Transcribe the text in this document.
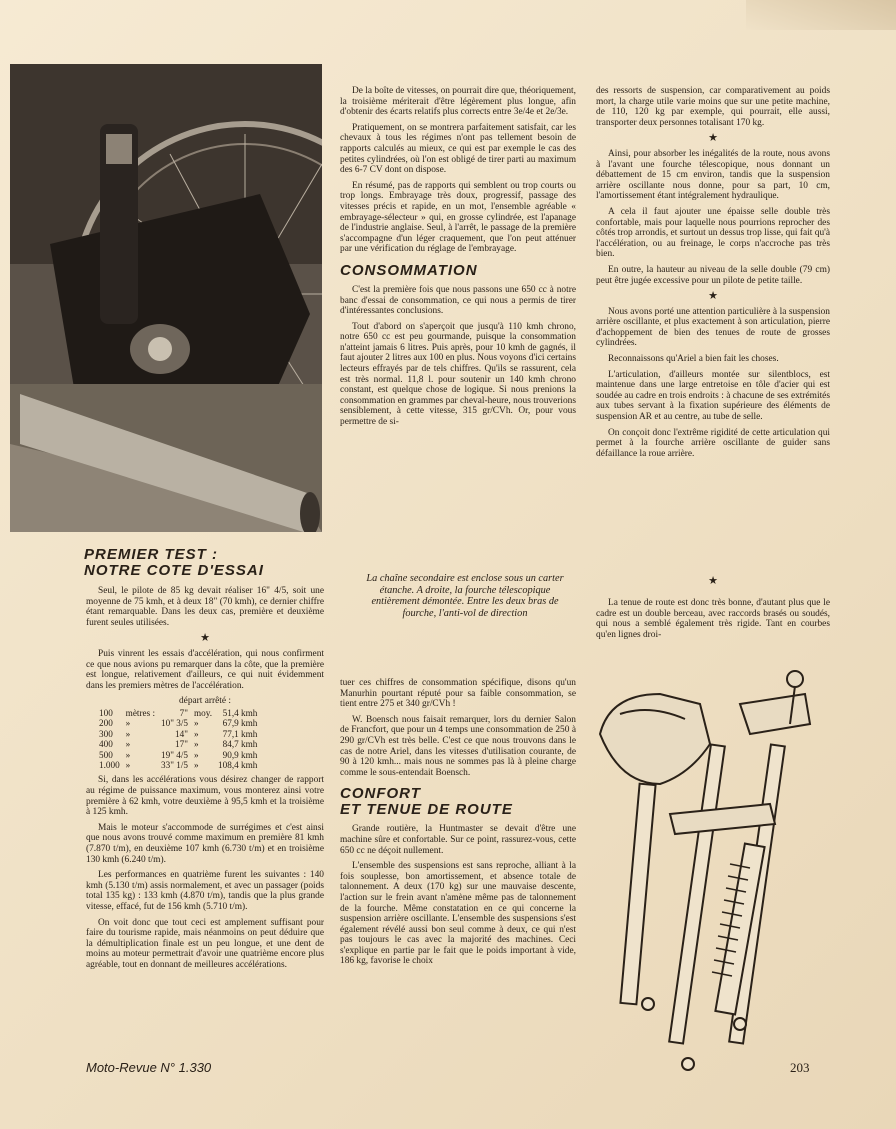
PREMIER TEST :
NOTRE COTE D'ESSAI

Seul, le pilote de 85 kg devait réaliser 16" 4/5, soit une moyenne de 75 kmh, et à deux 18" (70 kmh), ce dernier chiffre étant remarquable. Dans les deux cas, première et deuxième furent seules utilisées.

★

Puis vinrent les essais d'accélération, qui nous confirment ce que nous avions pu remarquer dans la côte, que la première est longue, relativement d'ailleurs, ce qui nuit évidemment dans les premiers mètres de l'accélération.

départ arrêté :

100	mètres :	7"	moy.	51,4 kmh
200	»	10" 3/5	»	67,9 kmh
300	»	14"	»	77,1 kmh
400	»	17"	»	84,7 kmh
500	»	19" 4/5	»	90,9 kmh
1.000	»	33" 1/5	»	108,4 kmh

Si, dans les accélérations vous désirez changer de rapport au régime de puissance maximum, vous monterez ainsi votre première à 62 kmh, votre deuxième à 95,5 kmh et la troisième à 125 kmh.

Mais le moteur s'accommode de surrégimes et c'est ainsi que nous avons trouvé comme maximum en première 81 kmh (7.870 t/m), en deuxième 107 kmh (6.730 t/m) et en troisième 130 kmh (6.240 t/m).

Les performances en quatrième furent les suivantes : 140 kmh (5.130 t/m) assis normalement, et avec un passager (poids total 135 kg) : 133 kmh (4.870 t/m), tandis que la plus grande vitesse, effacé, fut de 156 kmh (5.710 t/m).

On voit donc que tout ceci est amplement suffisant pour faire du tourisme rapide, mais néanmoins on peut déduire que la démultiplication finale est un peu longue, et une dent de moins au moteur permettrait d'avoir une quatrième encore plus agréable, tout en donnant de meilleures accélérations.

De la boîte de vitesses, on pourrait dire que, théoriquement, la troisième mériterait d'être légèrement plus longue, afin d'obtenir des écarts relatifs plus corrects entre 3e/4e et 2e/3e.

Pratiquement, on se montrera parfaitement satisfait, car les chevaux à tous les régimes n'ont pas tellement besoin de rapports calculés au mieux, ce qui est par exemple le cas des petites cylindrées, où l'on est obligé de tirer parti au maximum des 6-7 CV dont on dispose.

En résumé, pas de rapports qui semblent ou trop courts ou trop longs. Embrayage très doux, progressif, passage des vitesses précis et rapide, en un mot, l'ensemble agréable « embrayage-sélecteur » qui, en grosse cylindrée, est l'apanage de l'industrie anglaise. Seul, à l'arrêt, le passage de la première s'accompagne d'un léger craquement, que l'on peut atténuer par une vérification du réglage de l'embrayage.

CONSOMMATION

C'est la première fois que nous passons une 650 cc à notre banc d'essai de consommation, ce qui nous a permis de tirer d'intéressantes conclusions.

Tout d'abord on s'aperçoit que jusqu'à 110 kmh chrono, notre 650 cc est peu gourmande, puisque la consommation n'atteint jamais 6 litres. Puis après, pour 10 kmh de gagnés, il faut ajouter 2 litres aux 100 en plus. Nous voyons d'ici certains lecteurs effrayés par de tels chiffres. Qu'ils se rassurent, cela est très normal. 11,8 l. pour soutenir un 140 kmh chrono constant, est quelque chose de logique. Si nous prenions la consommation en grammes par cheval-heure, nous trouverions sensiblement, à cette vitesse, 315 gr/CVh. Or, pour vous permettre de si-

La chaîne secondaire est enclose sous un carter étanche. A droite, la fourche télescopique entièrement démontée. Entre les deux bras de fourche, l'anti-vol de direction

tuer ces chiffres de consommation spécifique, disons qu'un Manurhin pourtant réputé pour sa faible consommation, se tient entre 275 et 340 gr/CVh !

W. Boensch nous faisait remarquer, lors du dernier Salon de Francfort, que pour un 4 temps une consommation de 250 à 290 gr/CVh est très belle. C'est ce que nous trouvons dans le cas de notre Ariel, dans les vitesses d'utilisation courante, de 90 à 120 kmh... mais nous ne sommes pas là à pleine charge comme le sous-entendait Boensch.

CONFORT

ET TENUE DE ROUTE

Grande routière, la Huntmaster se devait d'être une machine sûre et confortable. Sur ce point, rassurez-vous, cette 650 cc ne déçoit nullement.

L'ensemble des suspensions est sans reproche, alliant à la fois souplesse, bon amortissement, et absence totale de talonnement. A deux (170 kg) sur une mauvaise descente, l'action sur le frein avant n'amène même pas de talonnement de la fourche. Même constatation en ce qui concerne la suspension arrière oscillante. L'ensemble des suspensions s'est également révélé aussi bon seul comme à deux, ce qui n'est pas toujours le cas avec la majorité des machines. Ceci s'explique en partie par le fait que le poids important à vide, 186 kg, favorise le choix

des ressorts de suspension, car comparativement au poids mort, la charge utile varie moins que sur une petite machine, de 110, 120 kg par exemple, qui pourrait, elle aussi, transporter deux personnes totalisant 170 kg.

★

Ainsi, pour absorber les inégalités de la route, nous avons à l'avant une fourche télescopique, nous donnant un débattement de 15 cm environ, tandis que la suspension arrière oscillante nous donne, pour sa part, 10 cm, l'amortissement étant intégralement hydraulique.

A cela il faut ajouter une épaisse selle double très confortable, mais pour laquelle nous pourrions reprocher des côtés trop arrondis, et surtout un dessus trop lisse, qui fait qu'à l'accélération, ou au freinage, le corps n'accroche pas très bien.

En outre, la hauteur au niveau de la selle double (79 cm) peut être jugée excessive pour un pilote de petite taille.

★

Nous avons porté une attention particulière à la suspension arrière oscillante, et plus exactement à son articulation, pierre d'achoppement de bien des tenues de route de grosses cylindrées.

Reconnaissons qu'Ariel a bien fait les choses.

L'articulation, d'ailleurs montée sur silentblocs, est maintenue dans une large entretoise en tôle d'acier qui est soudée au cadre en trois endroits : à chacune de ses extrémités aux tubes servant à la fixation supérieure des éléments de suspension AR et au centre, au tube de selle.

On conçoit donc l'extrême rigidité de cette articulation qui permet à la fourche arrière oscillante de guider sans défaillance la roue arrière.

★

La tenue de route est donc très bonne, d'autant plus que le cadre est un double berceau, avec raccords brasés ou soudés, qui nous a semblé également très rigide. Tant en courbes qu'en lignes droi-

Moto-Revue N° 1.330	203
